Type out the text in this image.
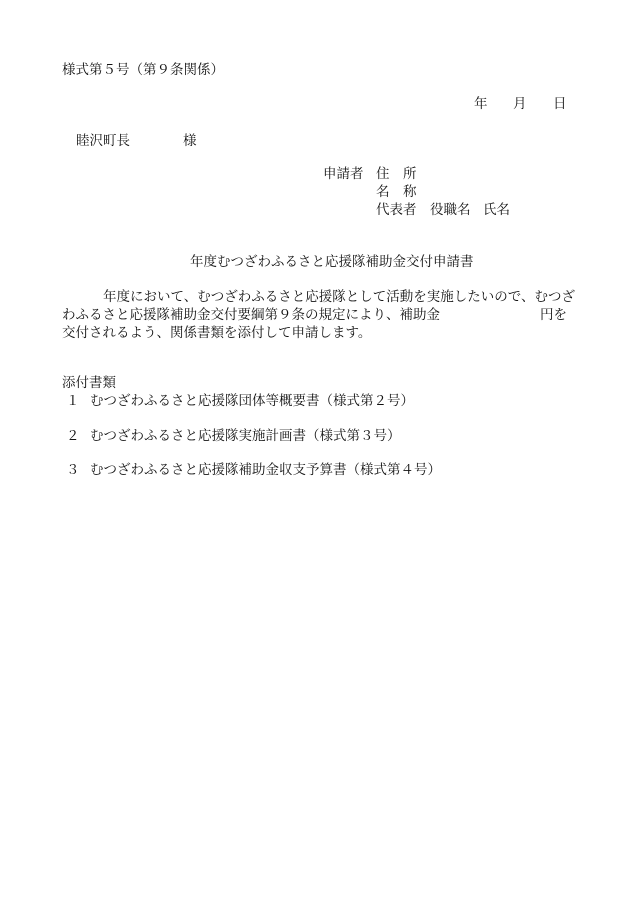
様式第５号（第９条関係）
年 月 日
睦沢町長	様
申請者 住　所
名　称
代表者 役職名 氏名
年度むつざわふるさと応援隊補助金交付申請書
年度において、むつざわふるさと応援隊として活動を実施したいので、むつざ
わふるさと応援隊補助金交付要綱第９条の規定により、補助金	円を
交付されるよう、関係書類を添付して申請します。
添付書類
１ むつざわふるさと応援隊団体等概要書（様式第２号）
２ むつざわふるさと応援隊実施計画書（様式第３号）
３ むつざわふるさと応援隊補助金収支予算書（様式第４号）
